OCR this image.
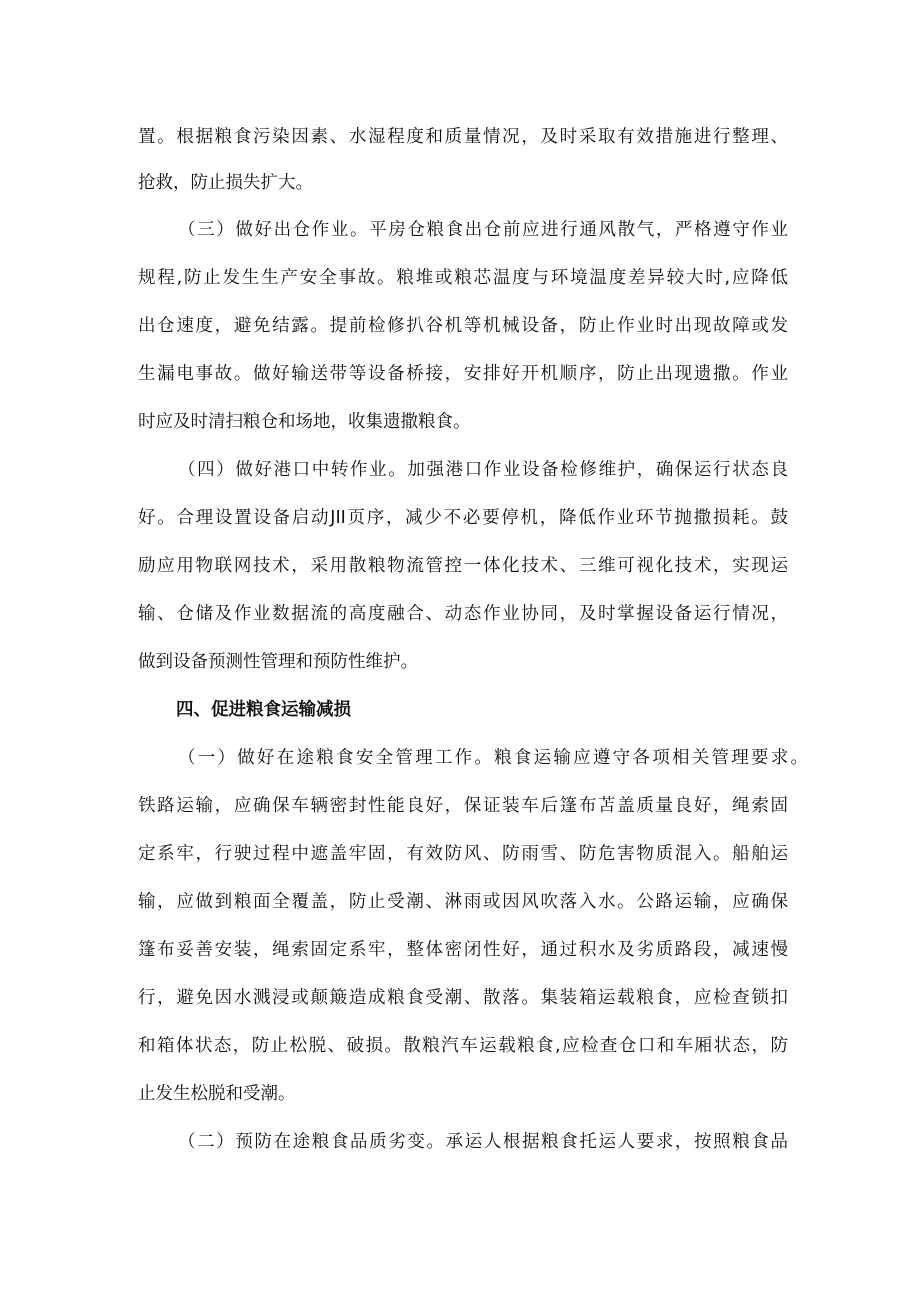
置。根据粮食污染因素、水湿程度和质量情况，及时采取有效措施进行整理、
抢救，防止损失扩大。
（三）做好出仓作业。平房仓粮食出仓前应进行通风散气，严格遵守作业
规程,防止发生生产安全事故。粮堆或粮芯温度与环境温度差异较大时,应降低
出仓速度，避免结露。提前检修扒谷机等机械设备，防止作业时出现故障或发
生漏电事故。做好输送带等设备桥接，安排好开机顺序，防止出现遗撒。作业
时应及时清扫粮仓和场地，收集遗撒粮食。
（四）做好港口中转作业。加强港口作业设备检修维护，确保运行状态良
好。合理设置设备启动JII页序，减少不必要停机，降低作业环节抛撒损耗。鼓
励应用物联网技术，采用散粮物流管控一体化技术、三维可视化技术，实现运
输、仓储及作业数据流的高度融合、动态作业协同，及时掌握设备运行情况，
做到设备预测性管理和预防性维护。
四、促进粮食运输减损
（一）做好在途粮食安全管理工作。粮食运输应遵守各项相关管理要求。
铁路运输，应确保车辆密封性能良好，保证装车后篷布苫盖质量良好，绳索固
定系牢，行驶过程中遮盖牢固，有效防风、防雨雪、防危害物质混入。船舶运
输，应做到粮面全覆盖，防止受潮、淋雨或因风吹落入水。公路运输，应确保
篷布妥善安装，绳索固定系牢，整体密闭性好，通过积水及劣质路段，减速慢
行，避免因水溅浸或颠簸造成粮食受潮、散落。集装箱运载粮食，应检查锁扣
和箱体状态，防止松脱、破损。散粮汽车运载粮食,应检查仓口和车厢状态，防
止发生松脱和受潮。
（二）预防在途粮食品质劣变。承运人根据粮食托运人要求，按照粮食品
